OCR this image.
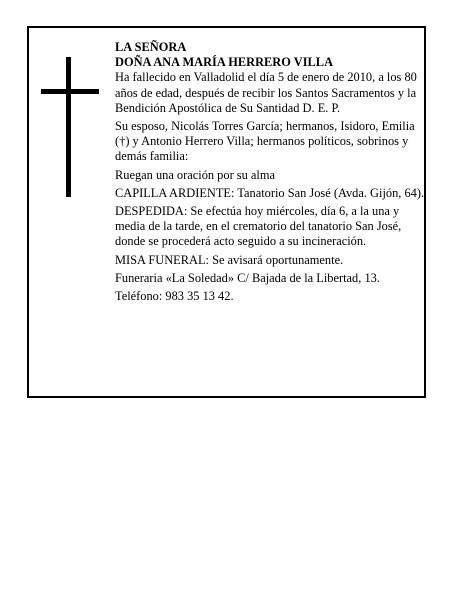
LA SEÑORA
DOÑA ANA MARÍA HERRERO VILLA

Ha fallecido en Valladolid el día 5 de enero de 2010, a los 80 años de edad, después de recibir los Santos Sacramentos y la Bendición Apostólica de Su Santidad D. E. P.

Su esposo, Nicolás Torres García; hermanos, Isidoro, Emilia (†) y Antonio Herrero Villa; hermanos políticos, sobrinos y demás familia:

Ruegan una oración por su alma

CAPILLA ARDIENTE: Tanatorio San José (Avda. Gijón, 64).

DESPEDIDA: Se efectúa hoy miércoles, día 6, a la una y media de la tarde, en el crematorio del tanatorio San José, donde se procederá acto seguido a su incineración.

MISA FUNERAL: Se avisará oportunamente.

Funeraria «La Soledad» C/ Bajada de la Libertad, 13.

Teléfono: 983 35 13 42.
